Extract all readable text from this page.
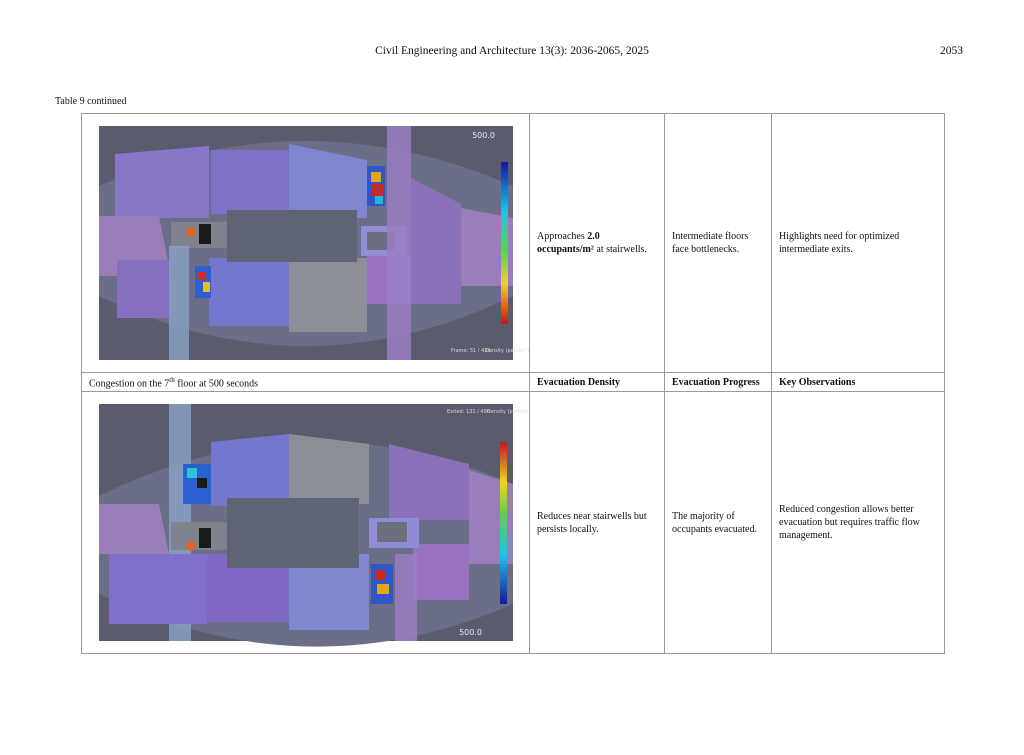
Civil Engineering and Architecture 13(3): 2036-2065, 2025	2053
Table 9 continued
500.0
Frame: 51 / 436
Density (pers/m²)	Approaches 2.0 occupants/m² at stairwells.	Intermediate floors face bottlenecks.	Highlights need for optimized intermediate exits.
Congestion on the 7th floor at 500 seconds	Evacuation Density	Evacuation Progress	Key Observations

Exited: 131 / 496
Density (pers/m²)
500.0	Reduces near stairwells but persists locally.	The majority of occupants evacuated.	Reduced congestion allows better evacuation but requires traffic flow management.
